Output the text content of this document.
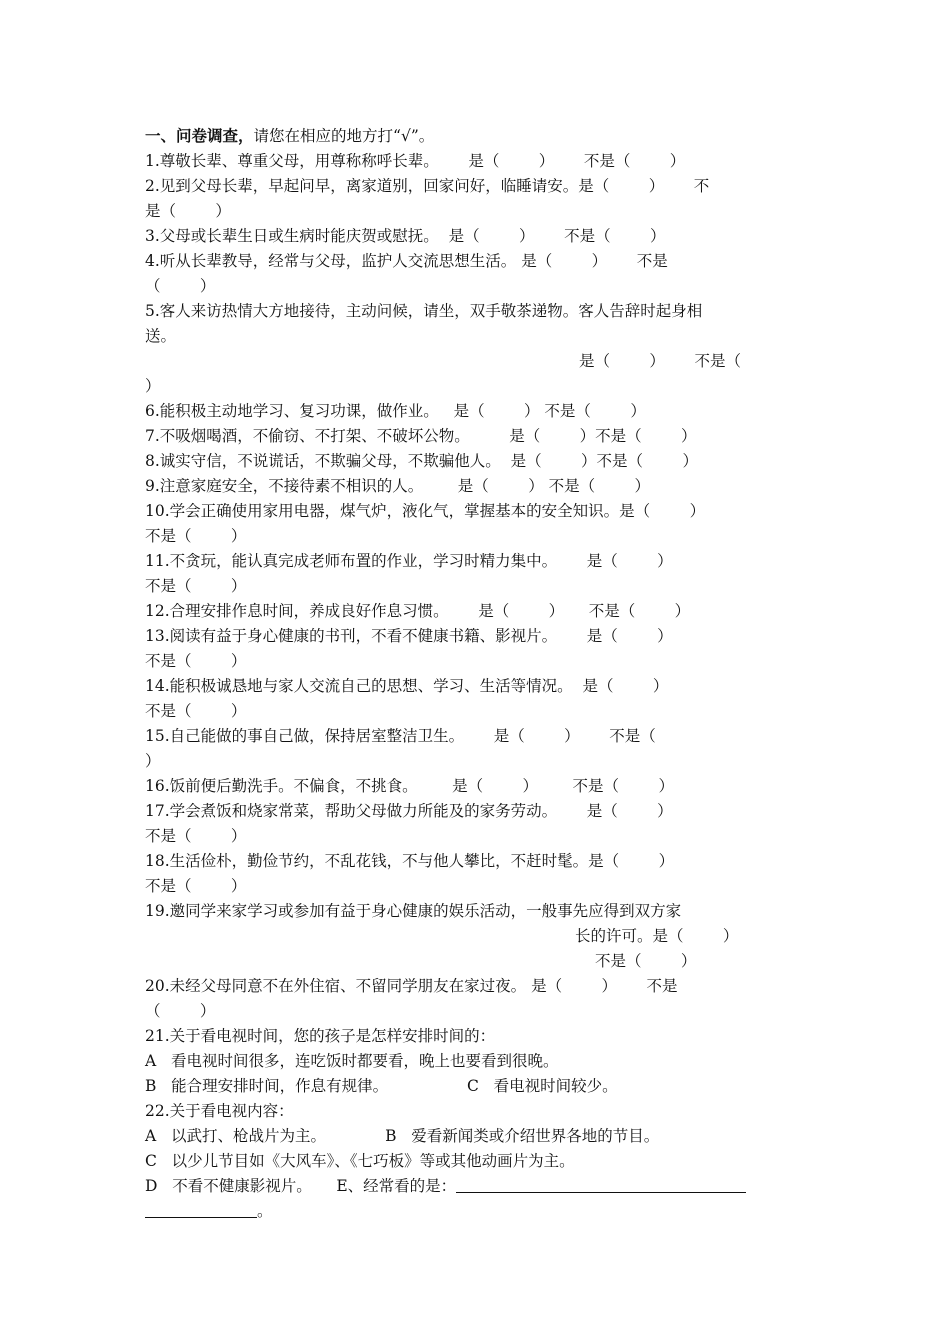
一、问卷调查，请您在相应的地方打“√”。
1.尊敬长辈、尊重父母，用尊称称呼长辈。      是（        ）      不是（        ）
2.见到父母长辈，早起问早，离家道别，回家问好，临睡请安。是（        ）      不
是（        ）
3.父母或长辈生日或生病时能庆贺或慰抚。  是（        ）      不是（        ）
4.听从长辈教导，经常与父母，监护人交流思想生活。 是（        ）      不是
（        ）
5.客人来访热情大方地接待，主动问候，请坐，双手敬茶递物。客人告辞时起身相
送。
是（        ）      不是（
）
6.能积极主动地学习、复习功课，做作业。   是（        ） 不是（        ）
7.不吸烟喝酒，不偷窃、不打架、不破坏公物。        是（        ）不是（        ）
8.诚实守信，不说谎话，不欺骗父母，不欺骗他人。  是（        ）不是（        ）
9.注意家庭安全，不接待素不相识的人。       是（        ） 不是（        ）
10.学会正确使用家用电器，煤气炉，液化气，掌握基本的安全知识。是（        ）
不是（        ）
11.不贪玩，能认真完成老师布置的作业，学习时精力集中。      是（        ）
不是（        ）
12.合理安排作息时间，养成良好作息习惯。      是（        ）     不是（        ）
13.阅读有益于身心健康的书刊，不看不健康书籍、影视片。      是（        ）
不是（        ）
14.能积极诚恳地与家人交流自己的思想、学习、生活等情况。  是（        ）
不是（        ）
15.自己能做的事自己做，保持居室整洁卫生。      是（        ）      不是（
）
16.饭前便后勤洗手。不偏食，不挑食。       是（        ）       不是（        ）
17.学会煮饭和烧家常菜，帮助父母做力所能及的家务劳动。      是（        ）
不是（        ）
18.生活俭朴，勤俭节约，不乱花钱，不与他人攀比，不赶时髦。是（        ）
不是（        ）
19.邀同学来家学习或参加有益于身心健康的娱乐活动，一般事先应得到双方家
长的许可。是（        ）
不是（        ）
20.未经父母同意不在外住宿、不留同学朋友在家过夜。 是（        ）      不是
（        ）
21.关于看电视时间，您的孩子是怎样安排时间的：
A   看电视时间很多，连吃饭时都要看，晚上也要看到很晚。
B   能合理安排时间，作息有规律。                C   看电视时间较少。
22.关于看电视内容：
A   以武打、枪战片为主。            B   爱看新闻类或介绍世界各地的节目。
C   以少儿节目如《大风车》、《七巧板》等或其他动画片为主。
D   不看不健康影视片。     E、经常看的是：
。
